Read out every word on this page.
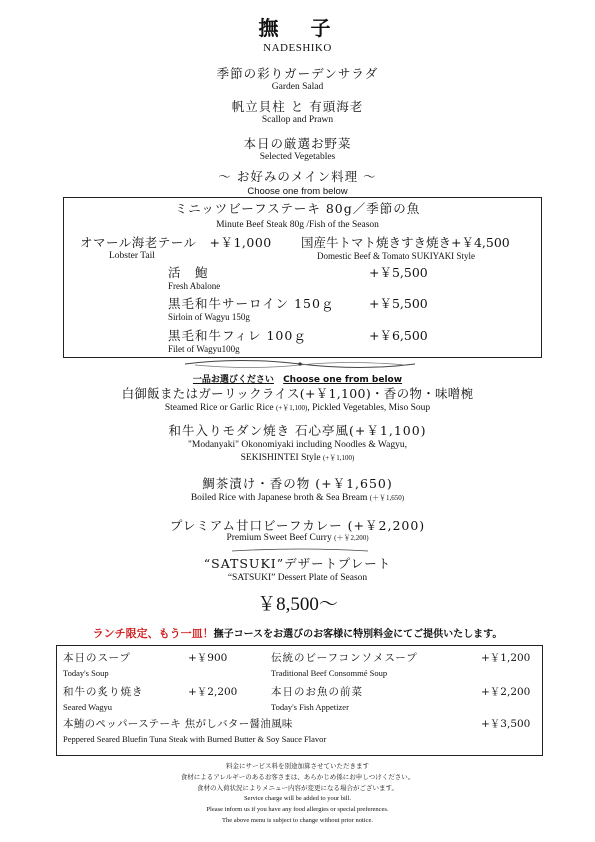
撫　子
NADESHIKO
季節の彩りガーデンサラダ
Garden Salad
帆立貝柱 と 有頭海老
Scallop and Prawn
本日の厳選お野菜
Selected Vegetables
～ お好みのメイン料理 ～
Choose one from below
ミニッツビーフステーキ 80g／季節の魚
Minute Beef Steak 80g /Fish of the Season
オマール海老テール　+￥1,000
Lobster Tail
国産牛トマト焼きすき焼き+￥4,500
Domestic Beef & Tomato SUKIYAKI Style
活　鮑	+￥5,500
Fresh Abalone
黒毛和牛サーロイン 150ｇ	+￥5,500
Sirloin of Wagyu 150g
黒毛和牛フィレ 100ｇ	+￥6,500
Filet of Wagyu100g
一品お選びください Choose one from below
白御飯またはガーリックライス(+￥1,100)・香の物・味噌椀
Steamed Rice or Garlic Rice (+￥1,100), Pickled Vegetables, Miso Soup
和牛入りモダン焼き 石心亭風(+￥1,100)
"Modanyaki" Okonomiyaki including Noodles & Wagyu,
SEKISHINTEI Style (+￥1,100)
鯛茶漬け・香の物 (+￥1,650)
Boiled Rice with Japanese broth & Sea Bream (＋￥1,650)
プレミアム甘口ビーフカレー (+￥2,200)
Premium Sweet Beef Curry (＋￥2,200)
“SATSUKI”デザートプレート
“SATSUKI” Dessert Plate of Season
￥8,500～
ランチ限定、もう一皿！撫子コースをお選びのお客様に特別料金にてご提供いたします。
本日のスープ	+￥900
Today's Soup
伝統のビーフコンソメスープ	+￥1,200
Traditional Beef Consommé Soup
和牛の炙り焼き	+￥2,200
Seared Wagyu
本日のお魚の前菜	+￥2,200
Today's Fish Appetizer
本鮪のペッパーステーキ 焦がしバター醤油風味	+￥3,500
Peppered Seared Bluefin Tuna Steak with Burned Butter & Soy Sauce Flavor
料金にサービス料を別途加算させていただきます
食材によるアレルギーのあるお客さまは、あらかじめ係にお申しつけください。
食材の入荷状況によりメニュー内容が変更になる場合がございます。
Service charge will be added to your bill.
Please inform us if you have any food allergies or special preferences.
The above menu is subject to change without prior notice.
